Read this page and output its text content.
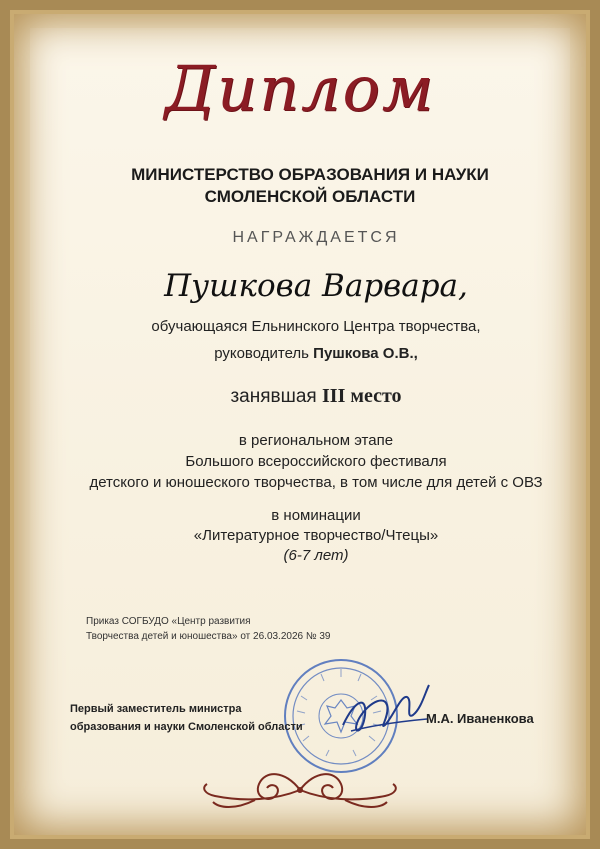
Диплом
МИНИСТЕРСТВО ОБРАЗОВАНИЯ И НАУКИ
СМОЛЕНСКОЙ ОБЛАСТИ
НАГРАЖДАЕТСЯ
Пушкова Варвара,
обучающаяся Ельнинского Центра творчества,
руководитель Пушкова О.В.,
занявшая III место
в региональном этапе
Большого всероссийского фестиваля
детского и юношеского творчества, в том числе для детей с ОВЗ
в номинации
«Литературное творчество/Чтецы»
(6-7 лет)
Приказ СОГБУДО «Центр развития
Творчества детей и юношества» от 26.03.2026 № 39
Первый заместитель министра
образования и науки Смоленской области
М.А. Иваненкова
